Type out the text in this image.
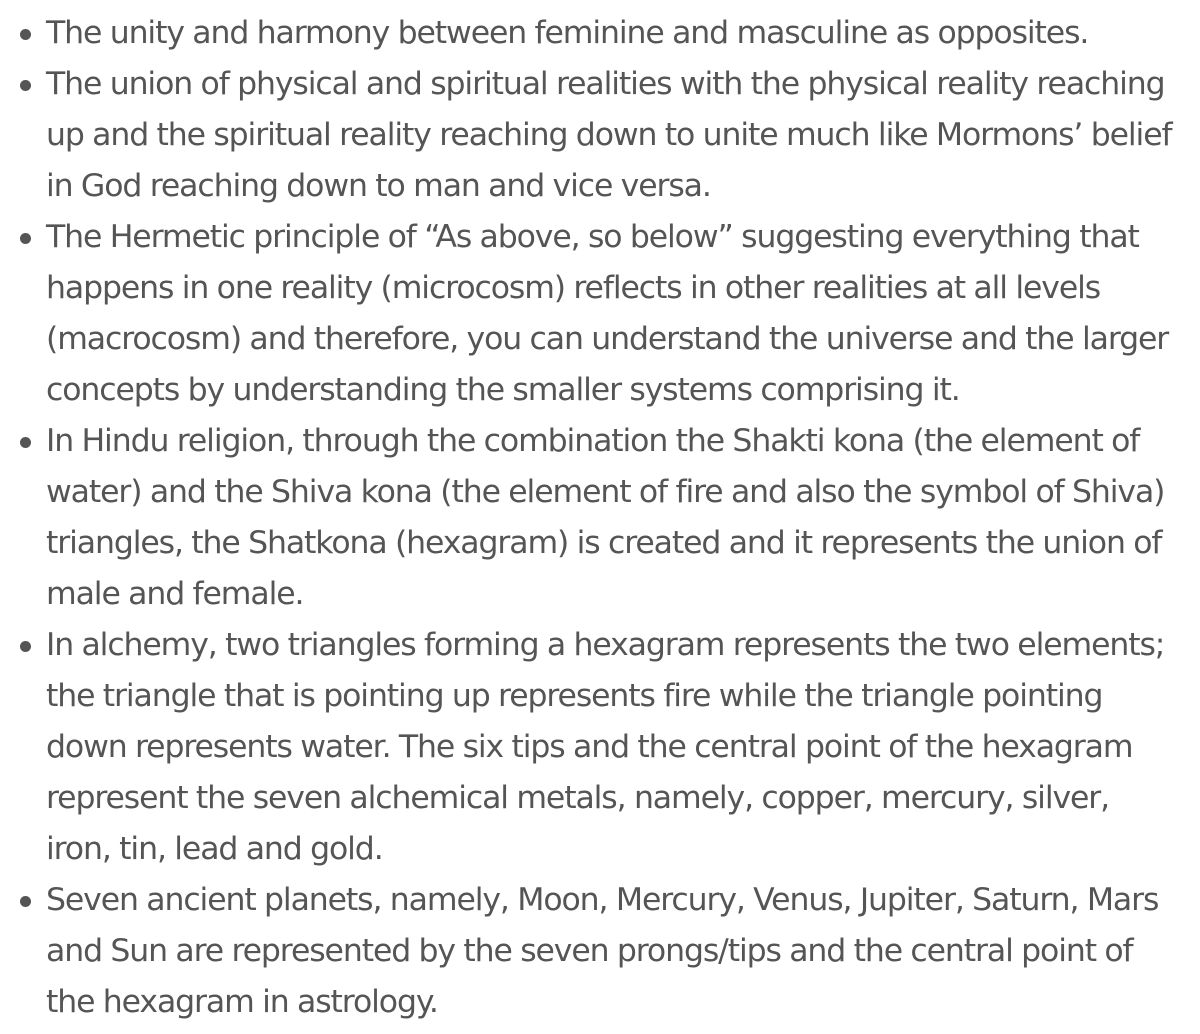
The unity and harmony between feminine and masculine as opposites.
The union of physical and spiritual realities with the physical reality reaching up and the spiritual reality reaching down to unite much like Mormons’ belief in God reaching down to man and vice versa.
The Hermetic principle of “As above, so below” suggesting everything that happens in one reality (microcosm) reflects in other realities at all levels (macrocosm) and therefore, you can understand the universe and the larger concepts by understanding the smaller systems comprising it.
In Hindu religion, through the combination the Shakti kona (the element of water) and the Shiva kona (the element of fire and also the symbol of Shiva) triangles, the Shatkona (hexagram) is created and it represents the union of male and female.
In alchemy, two triangles forming a hexagram represents the two elements; the triangle that is pointing up represents fire while the triangle pointing down represents water. The six tips and the central point of the hexagram represent the seven alchemical metals, namely, copper, mercury, silver, iron, tin, lead and gold.
Seven ancient planets, namely, Moon, Mercury, Venus, Jupiter, Saturn, Mars and Sun are represented by the seven prongs/tips and the central point of the hexagram in astrology.
